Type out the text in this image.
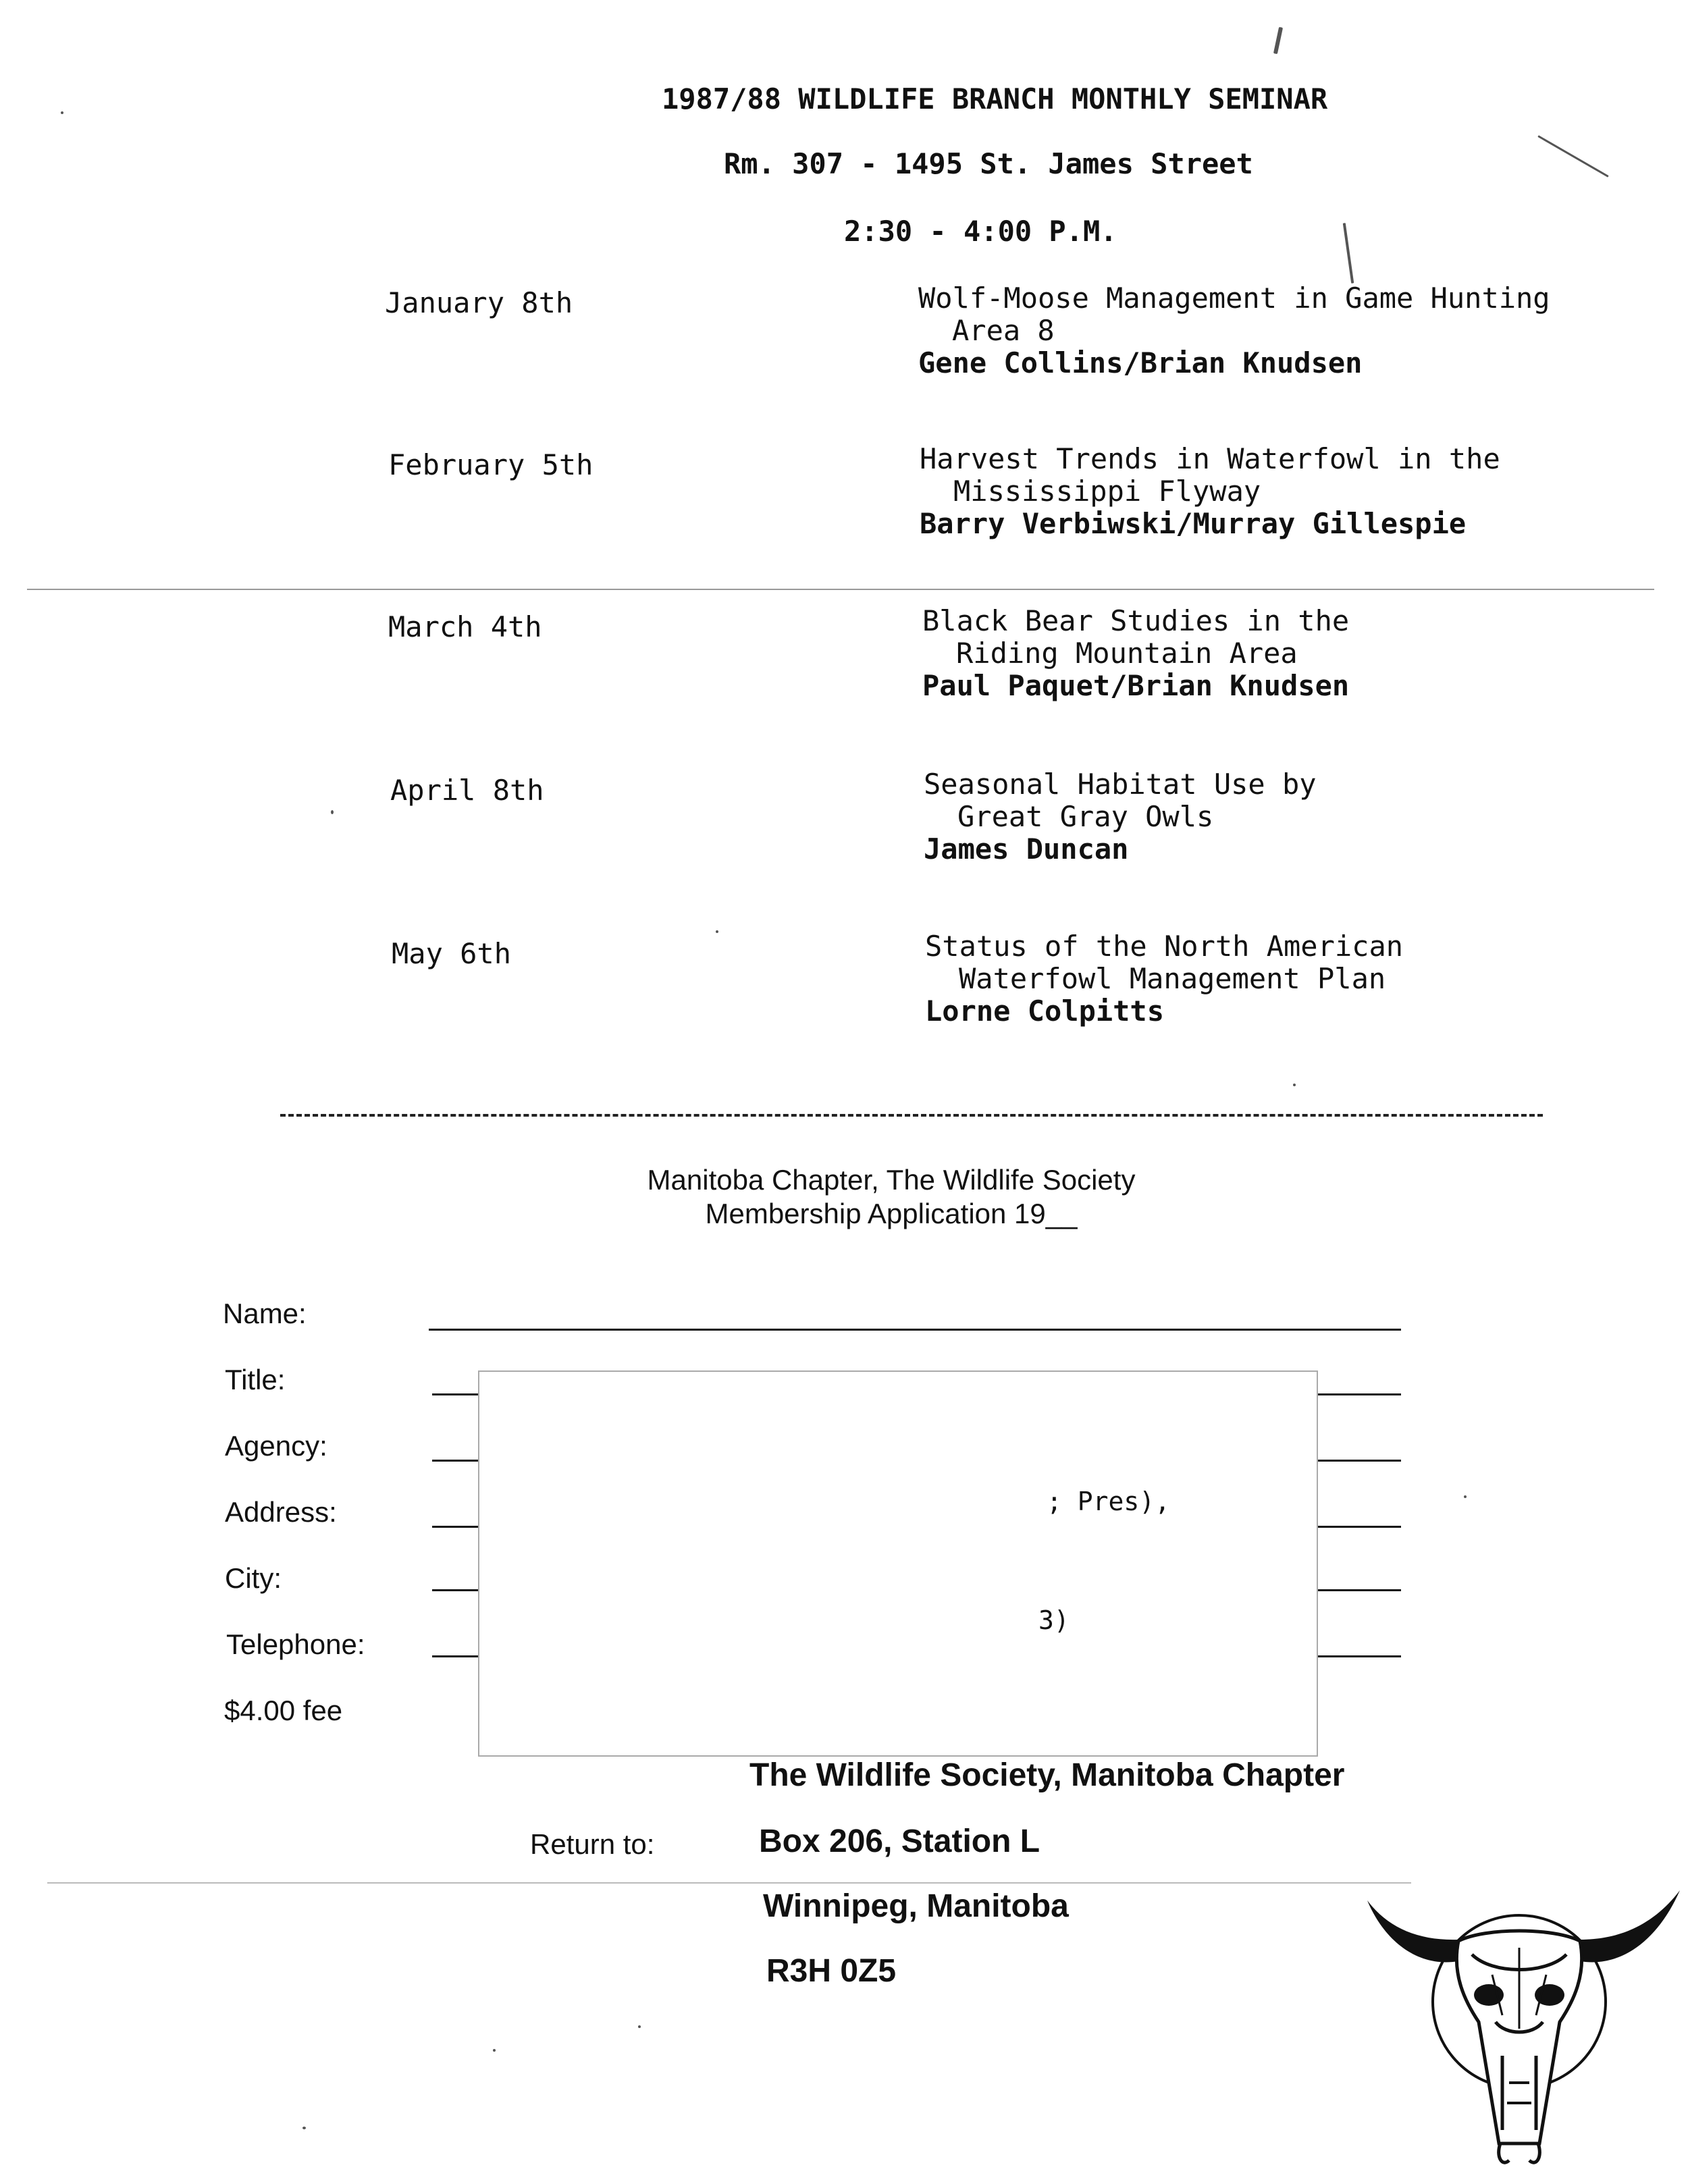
1987/88 WILDLIFE BRANCH MONTHLY SEMINAR
Rm. 307 - 1495 St. James Street
2:30 - 4:00 P.M.
January 8th	Wolf-Moose Management in Game Hunting
Area 8
Gene Collins/Brian Knudsen
February 5th	Harvest Trends in Waterfowl in the
Mississippi Flyway
Barry Verbiwski/Murray Gillespie
March 4th	Black Bear Studies in the
Riding Mountain Area
Paul Paquet/Brian Knudsen
April 8th	Seasonal Habitat Use by
Great Gray Owls
James Duncan
May 6th	Status of the North American
Waterfowl Management Plan
Lorne Colpitts
Manitoba Chapter, The Wildlife Society
Membership Application 19__
Name:
Title:
Agency:
Address:
City:
Telephone:
$4.00 fee
; Pres),
3)
The Wildlife Society, Manitoba Chapter
Return to:	Box 206, Station L
Winnipeg, Manitoba
R3H 0Z5
